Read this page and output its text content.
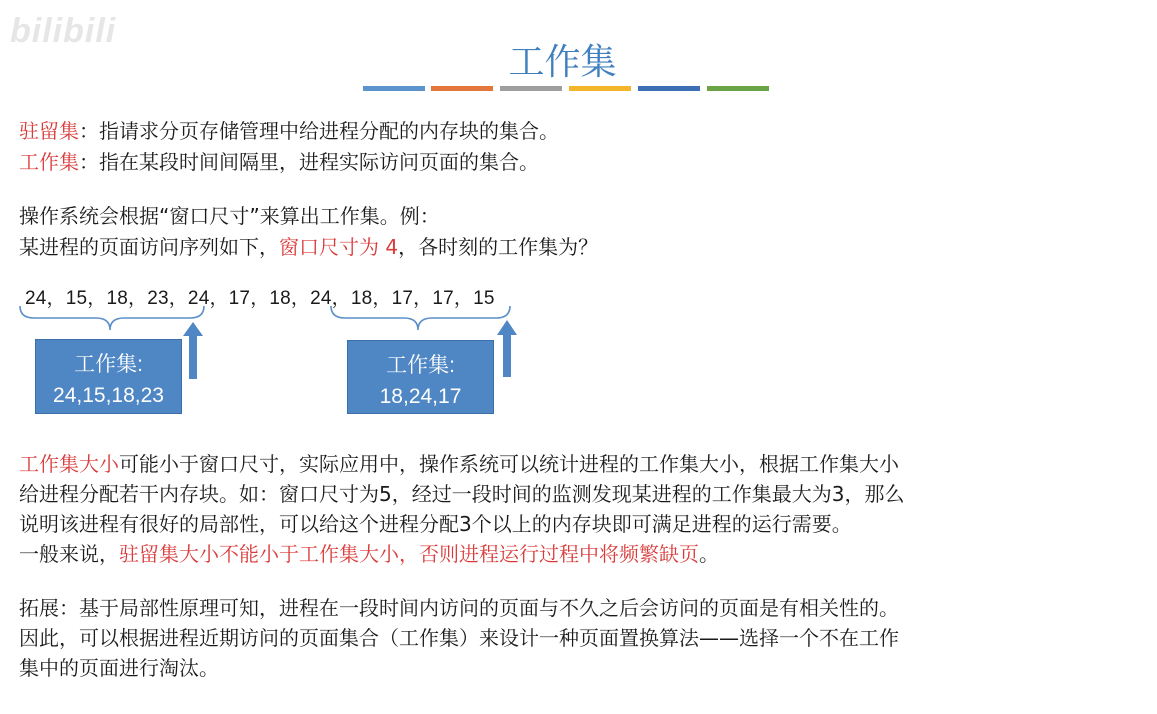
bilibili
工作集
驻留集：指请求分页存储管理中给进程分配的内存块的集合。
工作集：指在某段时间间隔里，进程实际访问页面的集合。
操作系统会根据“窗口尺寸”来算出工作集。例：
某进程的页面访问序列如下，窗口尺寸为 4，各时刻的工作集为？
24，15，18，23，24，17，18，24，18，17，17，15
工作集:
24,15,18,23
工作集:
18,24,17
工作集大小可能小于窗口尺寸，实际应用中，操作系统可以统计进程的工作集大小，根据工作集大小
给进程分配若干内存块。如：窗口尺寸为5，经过一段时间的监测发现某进程的工作集最大为3，那么
说明该进程有很好的局部性，可以给这个进程分配3个以上的内存块即可满足进程的运行需要。
一般来说，驻留集大小不能小于工作集大小，否则进程运行过程中将频繁缺页。
拓展：基于局部性原理可知，进程在一段时间内访问的页面与不久之后会访问的页面是有相关性的。
因此，可以根据进程近期访问的页面集合（工作集）来设计一种页面置换算法——选择一个不在工作
集中的页面进行淘汰。
